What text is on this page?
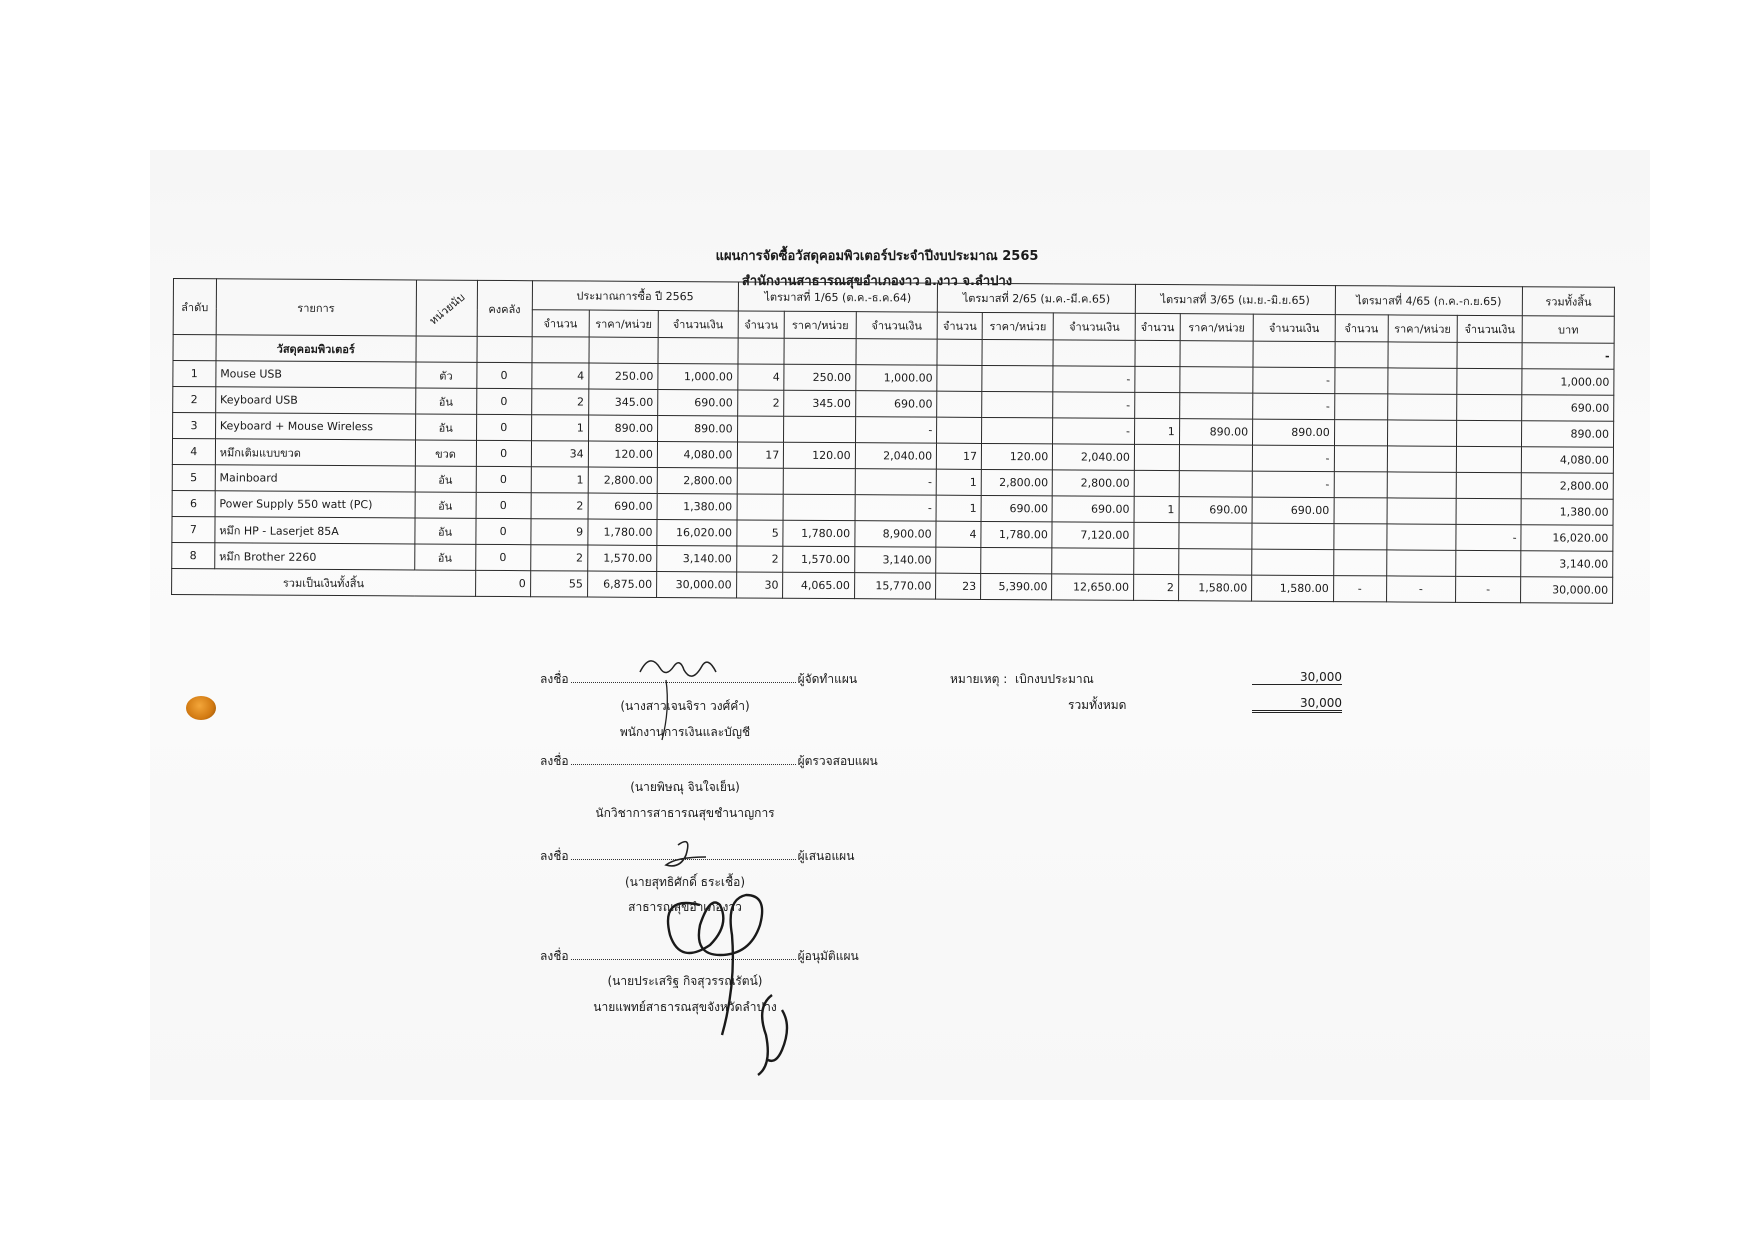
แผนการจัดซื้อวัสดุคอมพิวเตอร์ประจำปีงบประมาณ 2565
สำนักงานสาธารณสุขอำเภองาว อ.งาว จ.ลำปาง
ลำดับ	รายการ	หน่วยนับ	คงคลัง	ประมาณการซื้อ ปี 2565			ไตรมาสที่ 1/65 (ต.ค.-ธ.ค.64)			ไตรมาสที่ 2/65 (ม.ค.-มี.ค.65)			ไตรมาสที่ 3/65 (เม.ย.-มิ.ย.65)			ไตรมาสที่ 4/65 (ก.ค.-ก.ย.65)			รวมทั้งสิ้น
				จำนวน	ราคา/หน่วย	จำนวนเงิน	จำนวน	ราคา/หน่วย	จำนวนเงิน	จำนวน	ราคา/หน่วย	จำนวนเงิน	จำนวน	ราคา/หน่วย	จำนวนเงิน	จำนวน	ราคา/หน่วย	จำนวนเงิน	บาท
	วัสดุคอมพิวเตอร์																		-
1	Mouse USB	ตัว	0	4	250.00	1,000.00	4	250.00	1,000.00			-			-				1,000.00
2	Keyboard USB	อัน	0	2	345.00	690.00	2	345.00	690.00			-			-				690.00
3	Keyboard + Mouse Wireless	อัน	0	1	890.00	890.00			-			-	1	890.00	890.00				890.00
4	หมึกเติมแบบขวด	ขวด	0	34	120.00	4,080.00	17	120.00	2,040.00	17	120.00	2,040.00			-				4,080.00
5	Mainboard	อัน	0	1	2,800.00	2,800.00			-	1	2,800.00	2,800.00			-				2,800.00
6	Power Supply 550 watt (PC)	อัน	0	2	690.00	1,380.00			-	1	690.00	690.00	1	690.00	690.00				1,380.00
7	หมึก HP - Laserjet 85A	อัน	0	9	1,780.00	16,020.00	5	1,780.00	8,900.00	4	1,780.00	7,120.00						-	16,020.00
8	หมึก Brother 2260	อัน	0	2	1,570.00	3,140.00	2	1,570.00	3,140.00										3,140.00
รวมเป็นเงินทั้งสิ้น			0	55	6,875.00	30,000.00	30	4,065.00	15,770.00	23	5,390.00	12,650.00	2	1,580.00	1,580.00	-	-	-	30,000.00
ลงชื่อ	ผู้จัดทำแผน
(นางสาวเจนจิรา วงศ์คำ)
พนักงานการเงินและบัญชี
ลงชื่อ	ผู้ตรวจสอบแผน
(นายพิษณุ จินใจเย็น)
นักวิชาการสาธารณสุขชำนาญการ
ลงชื่อ	ผู้เสนอแผน
(นายสุทธิศักดิ์ ธระเชื้อ)
สาธารณสุขอำเภองาว
ลงชื่อ	ผู้อนุมัติแผน
(นายประเสริฐ กิจสุวรรณรัตน์)
นายแพทย์สาธารณสุขจังหวัดลำปาง
หมายเหตุ : เบิกงบประมาณ	30,000
รวมทั้งหมด	30,000
